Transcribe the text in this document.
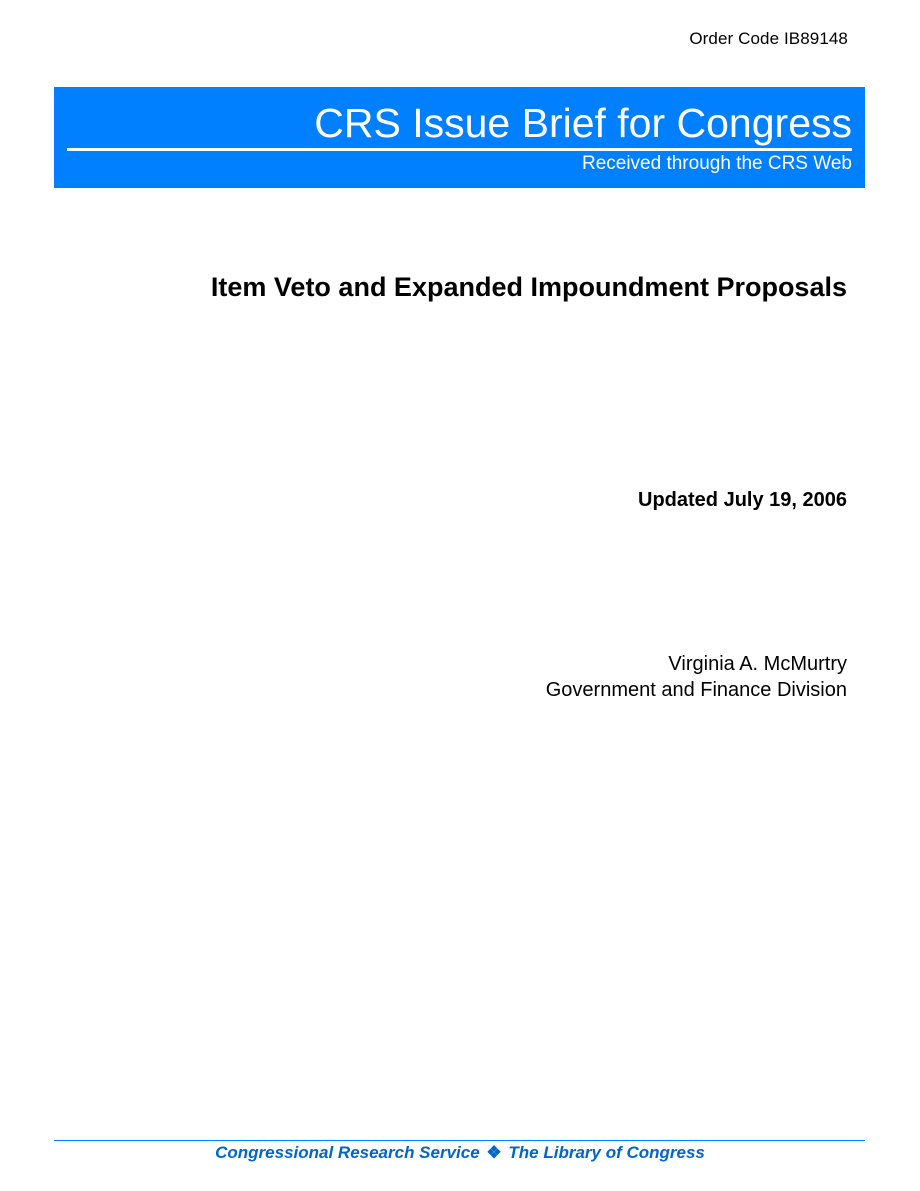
Order Code IB89148
CRS Issue Brief for Congress
Received through the CRS Web
Item Veto and Expanded Impoundment Proposals
Updated July 19, 2006
Virginia A. McMurtry
Government and Finance Division
Congressional Research Service ❖ The Library of Congress
